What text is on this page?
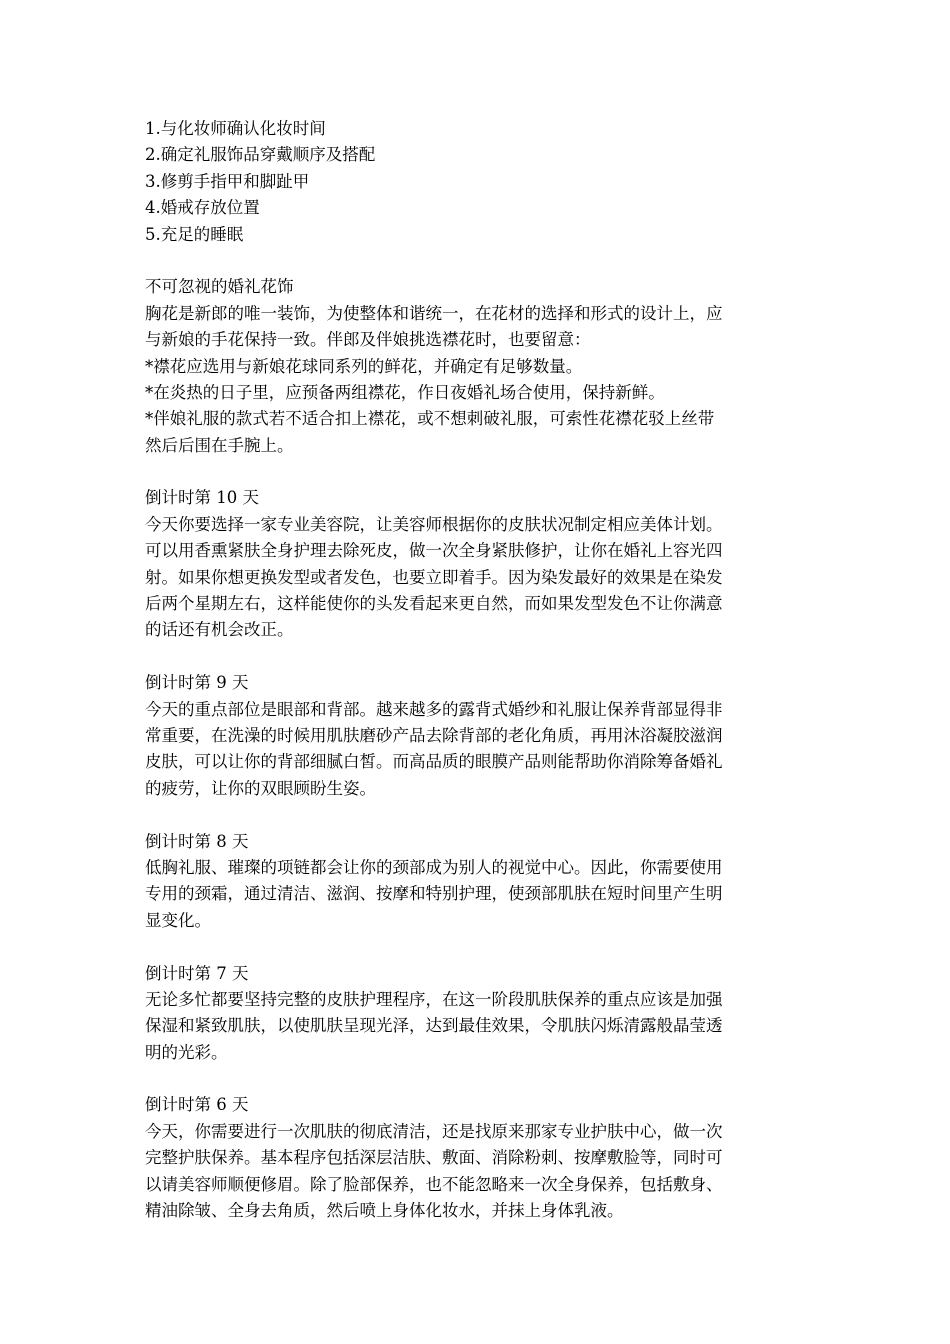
1.与化妆师确认化妆时间
2.确定礼服饰品穿戴顺序及搭配
3.修剪手指甲和脚趾甲
4.婚戒存放位置
5.充足的睡眠
不可忽视的婚礼花饰
胸花是新郎的唯一装饰，为使整体和谐统一，在花材的选择和形式的设计上，应
与新娘的手花保持一致。伴郎及伴娘挑选襟花时，也要留意：
*襟花应选用与新娘花球同系列的鲜花，并确定有足够数量。
*在炎热的日子里，应预备两组襟花，作日夜婚礼场合使用，保持新鲜。
*伴娘礼服的款式若不适合扣上襟花，或不想刺破礼服，可索性花襟花驳上丝带
然后后围在手腕上。
倒计时第 10 天
今天你要选择一家专业美容院，让美容师根据你的皮肤状况制定相应美体计划。
可以用香熏紧肤全身护理去除死皮，做一次全身紧肤修护，让你在婚礼上容光四
射。如果你想更换发型或者发色，也要立即着手。因为染发最好的效果是在染发
后两个星期左右，这样能使你的头发看起来更自然，而如果发型发色不让你满意
的话还有机会改正。
倒计时第 9 天
今天的重点部位是眼部和背部。越来越多的露背式婚纱和礼服让保养背部显得非
常重要，在洗澡的时候用肌肤磨砂产品去除背部的老化角质，再用沐浴凝胶滋润
皮肤，可以让你的背部细腻白皙。而高品质的眼膜产品则能帮助你消除筹备婚礼
的疲劳，让你的双眼顾盼生姿。
倒计时第 8 天
低胸礼服、璀璨的项链都会让你的颈部成为别人的视觉中心。因此，你需要使用
专用的颈霜，通过清洁、滋润、按摩和特别护理，使颈部肌肤在短时间里产生明
显变化。
倒计时第 7 天
无论多忙都要坚持完整的皮肤护理程序，在这一阶段肌肤保养的重点应该是加强
保湿和紧致肌肤，以使肌肤呈现光泽，达到最佳效果，令肌肤闪烁清露般晶莹透
明的光彩。
倒计时第 6 天
今天，你需要进行一次肌肤的彻底清洁，还是找原来那家专业护肤中心，做一次
完整护肤保养。基本程序包括深层洁肤、敷面、消除粉刺、按摩敷脸等，同时可
以请美容师顺便修眉。除了脸部保养，也不能忽略来一次全身保养，包括敷身、
精油除皱、全身去角质，然后喷上身体化妆水，并抹上身体乳液。
